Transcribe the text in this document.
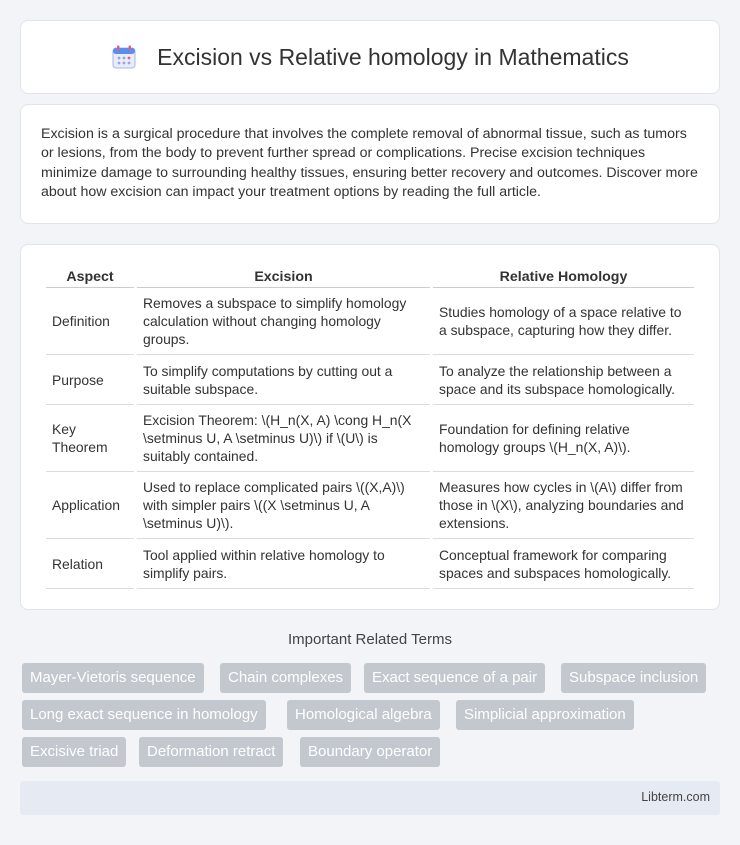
Excision vs Relative homology in Mathematics

Excision is a surgical procedure that involves the complete removal of abnormal tissue, such as tumors or lesions, from the body to prevent further spread or complications. Precise excision techniques minimize damage to surrounding healthy tissues, ensuring better recovery and outcomes. Discover more about how excision can impact your treatment options by reading the full article.

Aspect	Excision	Relative Homology
Definition	Removes a subspace to simplify homology calculation without changing homology groups.	Studies homology of a space relative to a subspace, capturing how they differ.
Purpose	To simplify computations by cutting out a suitable subspace.	To analyze the relationship between a space and its subspace homologically.
Key Theorem	Excision Theorem: \(H_n(X, A) \cong H_n(X \setminus U, A \setminus U)\) if \(U\) is suitably contained.	Foundation for defining relative homology groups \(H_n(X, A)\).
Application	Used to replace complicated pairs \((X,A)\) with simpler pairs \((X \setminus U, A \setminus U)\).	Measures how cycles in \(A\) differ from those in \(X\), analyzing boundaries and extensions.
Relation	Tool applied within relative homology to simplify pairs.	Conceptual framework for comparing spaces and subspaces homologically.
Important Related Terms
Mayer-Vietoris sequence	Chain complexes	Exact sequence of a pair	Subspace inclusion
Long exact sequence in homology	Homological algebra	Simplicial approximation
Excisive triad	Deformation retract	Boundary operator
Libterm.com
